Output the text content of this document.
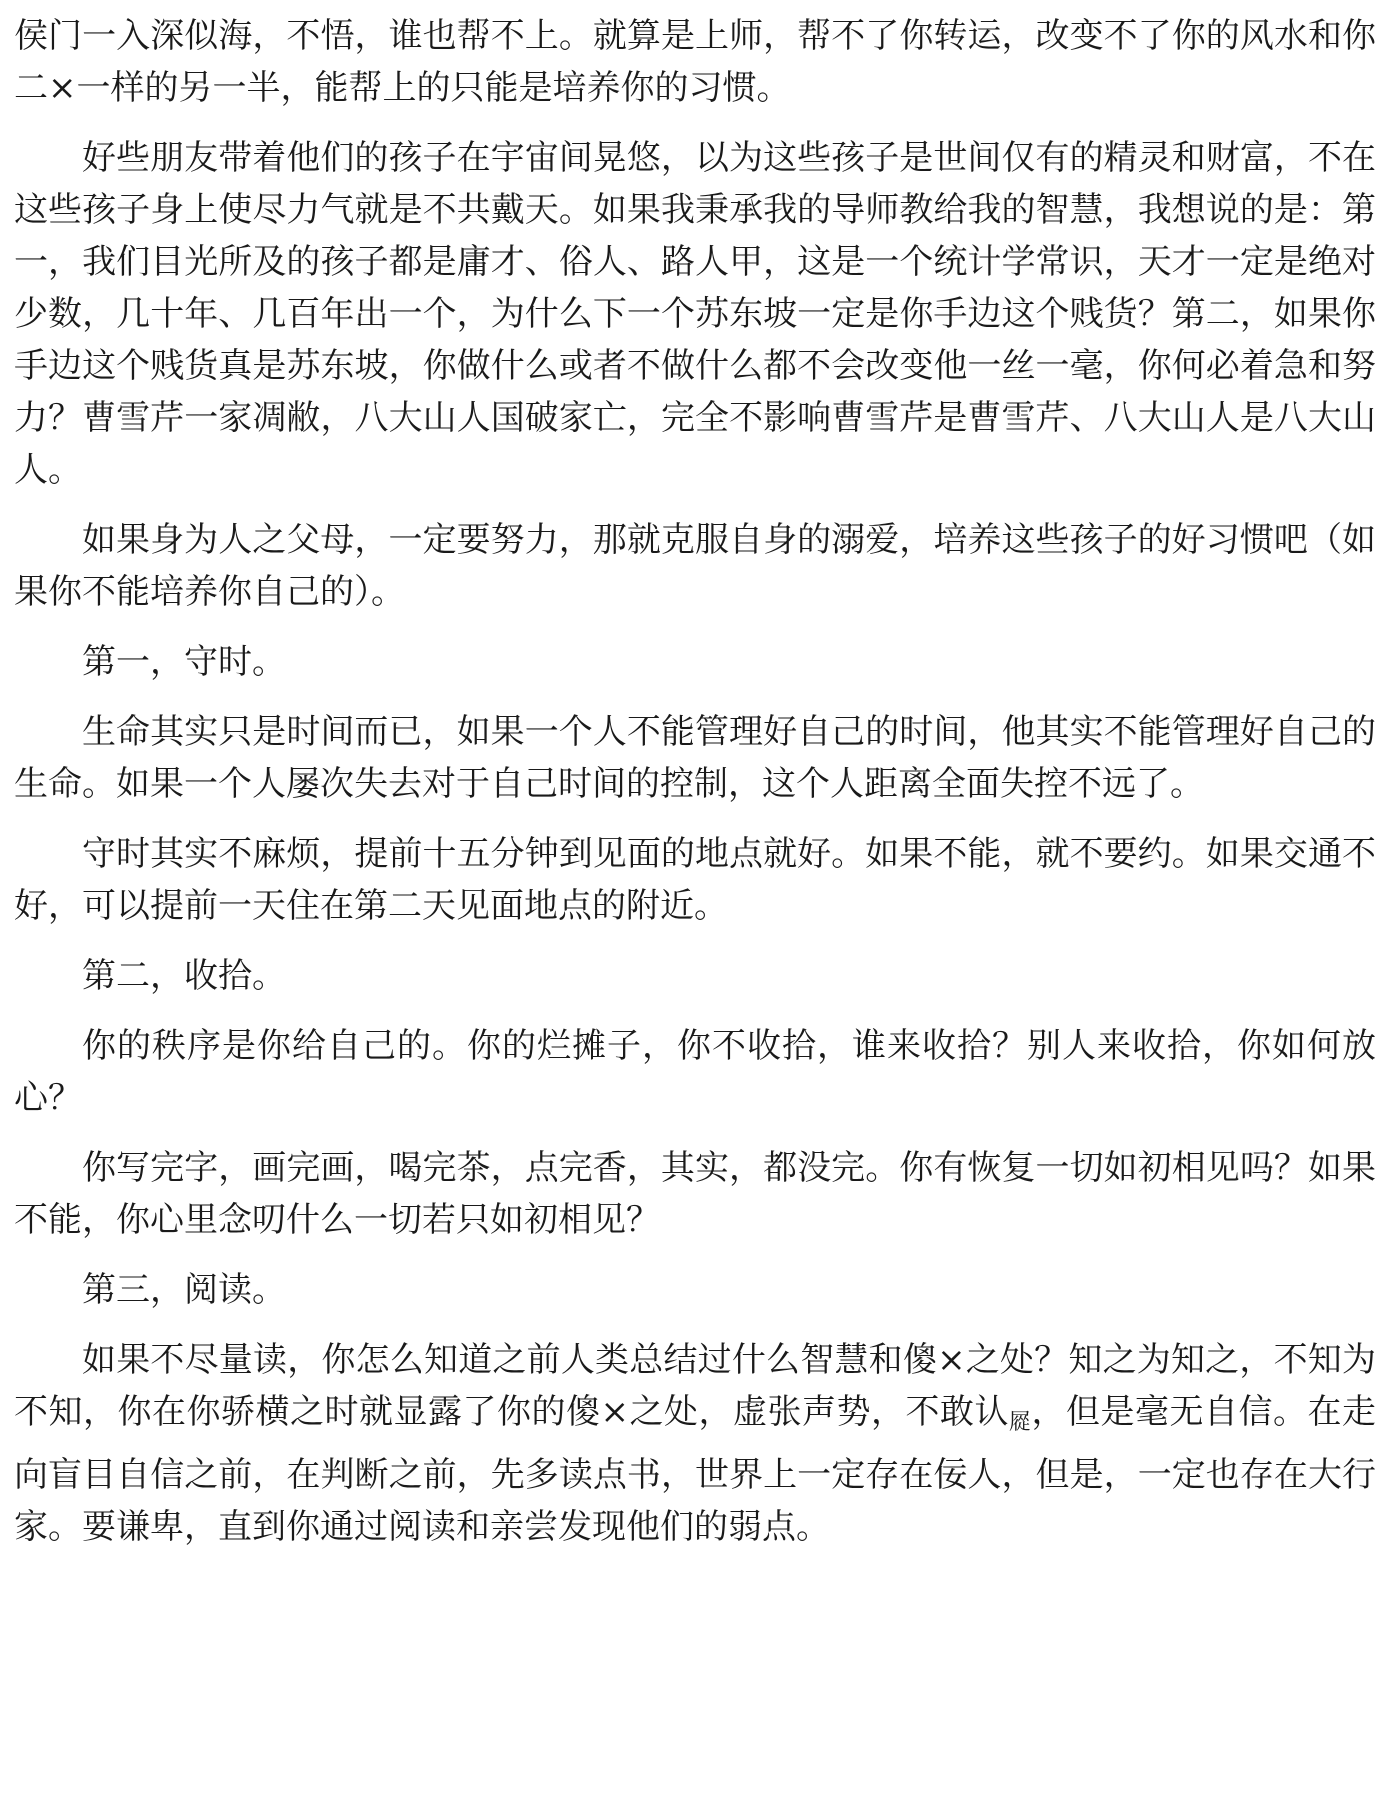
侯门一入深似海，不悟，谁也帮不上。就算是上师，帮不了你转运，改变不了你的风水和你二×一样的另一半，能帮上的只能是培养你的习惯。

好些朋友带着他们的孩子在宇宙间晃悠，以为这些孩子是世间仅有的精灵和财富，不在这些孩子身上使尽力气就是不共戴天。如果我秉承我的导师教给我的智慧，我想说的是：第一，我们目光所及的孩子都是庸才、俗人、路人甲，这是一个统计学常识，天才一定是绝对少数，几十年、几百年出一个，为什么下一个苏东坡一定是你手边这个贱货？第二，如果你手边这个贱货真是苏东坡，你做什么或者不做什么都不会改变他一丝一毫，你何必着急和努力？曹雪芹一家凋敝，八大山人国破家亡，完全不影响曹雪芹是曹雪芹、八大山人是八大山人。

如果身为人之父母，一定要努力，那就克服自身的溺爱，培养这些孩子的好习惯吧（如果你不能培养你自己的）。

第一，守时。

生命其实只是时间而已，如果一个人不能管理好自己的时间，他其实不能管理好自己的生命。如果一个人屡次失去对于自己时间的控制，这个人距离全面失控不远了。

守时其实不麻烦，提前十五分钟到见面的地点就好。如果不能，就不要约。如果交通不好，可以提前一天住在第二天见面地点的附近。

第二，收拾。

你的秩序是你给自己的。你的烂摊子，你不收拾，谁来收拾？别人来收拾，你如何放心？

你写完字，画完画，喝完茶，点完香，其实，都没完。你有恢复一切如初相见吗？如果不能，你心里念叨什么一切若只如初相见？

第三，阅读。

如果不尽量读，你怎么知道之前人类总结过什么智慧和傻×之处？知之为知之，不知为不知，你在你骄横之时就显露了你的傻×之处，虚张声势，不敢认㞞，但是毫无自信。在走向盲目自信之前，在判断之前，先多读点书，世界上一定存在佞人，但是，一定也存在大行家。要谦卑，直到你通过阅读和亲尝发现他们的弱点。
